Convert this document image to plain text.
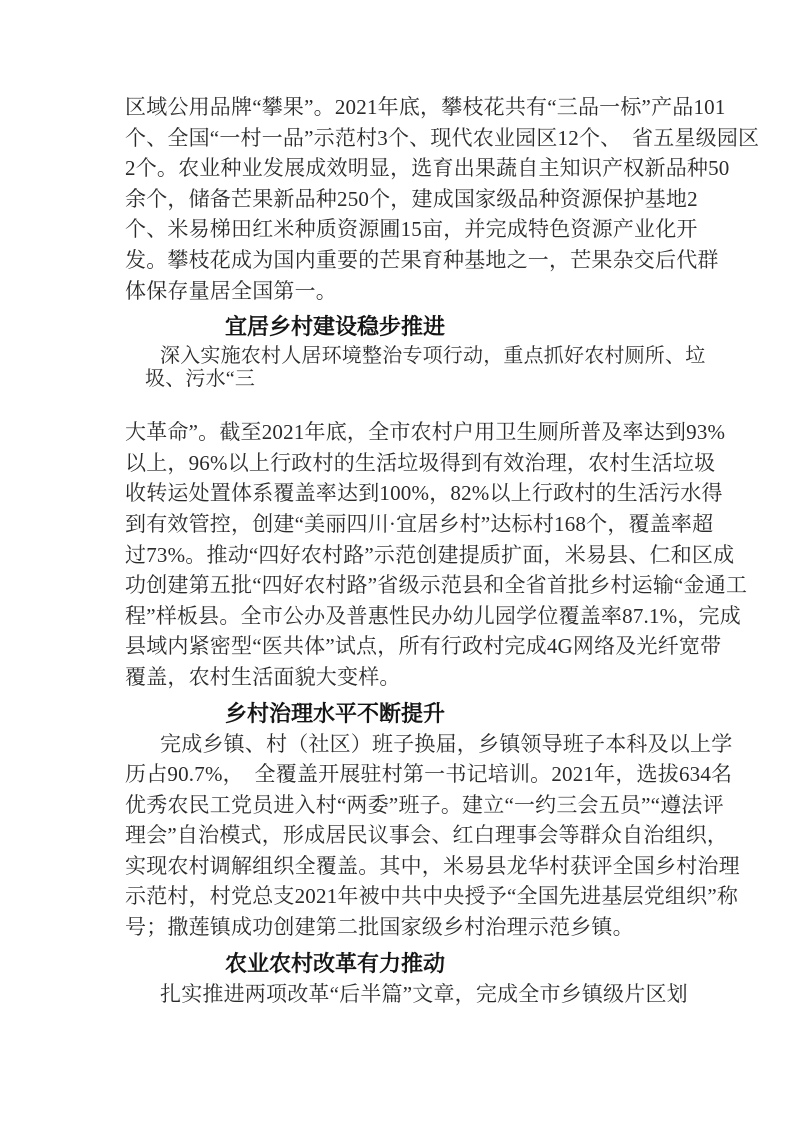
区域公用品牌“攀果”。2021年底，攀枝花共有“三品一标”产品101
个、全国“一村一品”示范村3个、现代农业园区12个、　省五星级园区
2个。农业种业发展成效明显，选育出果蔬自主知识产权新品种50
余个，储备芒果新品种250个，建成国家级品种资源保护基地2
个、米易梯田红米种质资源圃15亩，并完成特色资源产业化开
发。攀枝花成为国内重要的芒果育种基地之一，芒果杂交后代群
体保存量居全国第一。
宜居乡村建设稳步推进
深入实施农村人居环境整治专项行动，重点抓好农村厕所、垃
圾、污水“三
大革命”。截至2021年底，全市农村户用卫生厕所普及率达到93%
以上，96%以上行政村的生活垃圾得到有效治理，农村生活垃圾
收转运处置体系覆盖率达到100%，82%以上行政村的生活污水得
到有效管控，创建“美丽四川·宜居乡村”达标村168个，覆盖率超
过73%。推动“四好农村路”示范创建提质扩面，米易县、仁和区成
功创建第五批“四好农村路”省级示范县和全省首批乡村运输“金通工
程”样板县。全市公办及普惠性民办幼儿园学位覆盖率87.1%，完成
县域内紧密型“医共体”试点，所有行政村完成4G网络及光纤宽带
覆盖，农村生活面貌大变样。
乡村治理水平不断提升
完成乡镇、村（社区）班子换届，乡镇领导班子本科及以上学
历占90.7%，　全覆盖开展驻村第一书记培训。2021年，选拔634名
优秀农民工党员进入村“两委”班子。建立“一约三会五员”“遵法评
理会”自治模式，形成居民议事会、红白理事会等群众自治组织，
实现农村调解组织全覆盖。其中，米易县龙华村获评全国乡村治理
示范村，村党总支2021年被中共中央授予“全国先进基层党组织”称
号；撒莲镇成功创建第二批国家级乡村治理示范乡镇。
农业农村改革有力推动
扎实推进两项改革“后半篇”文章，完成全市乡镇级片区划
